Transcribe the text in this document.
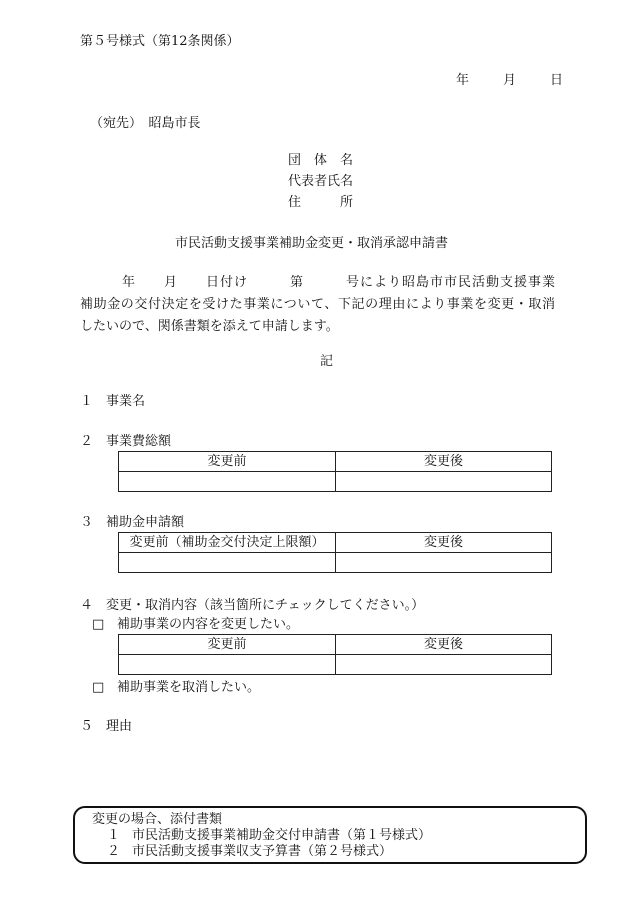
第５号様式（第12条関係）
年	月	日
（宛先）　昭島市長
団　体　名
代表者氏名
住　　　所
市民活動支援事業補助金変更・取消承認申請書
　　　年　　月　　日付け　　　第　　　号により昭島市市民活動支援事業
補助金の交付決定を受けた事業について、下記の理由により事業を変更・取消
したいので、関係書類を添えて申請します。
記
１ 事業名
２ 事業費総額
変更前	変更後

３ 補助金申請額
変更前（補助金交付決定上限額）	変更後

４ 変更・取消内容（該当箇所にチェックしてください。）
□ 補助事業の内容を変更したい。
変更前	変更後

□ 補助事業を取消したい。
５ 理由
変更の場合、添付書類
１ 市民活動支援事業補助金交付申請書（第１号様式）
２ 市民活動支援事業収支予算書（第２号様式）
